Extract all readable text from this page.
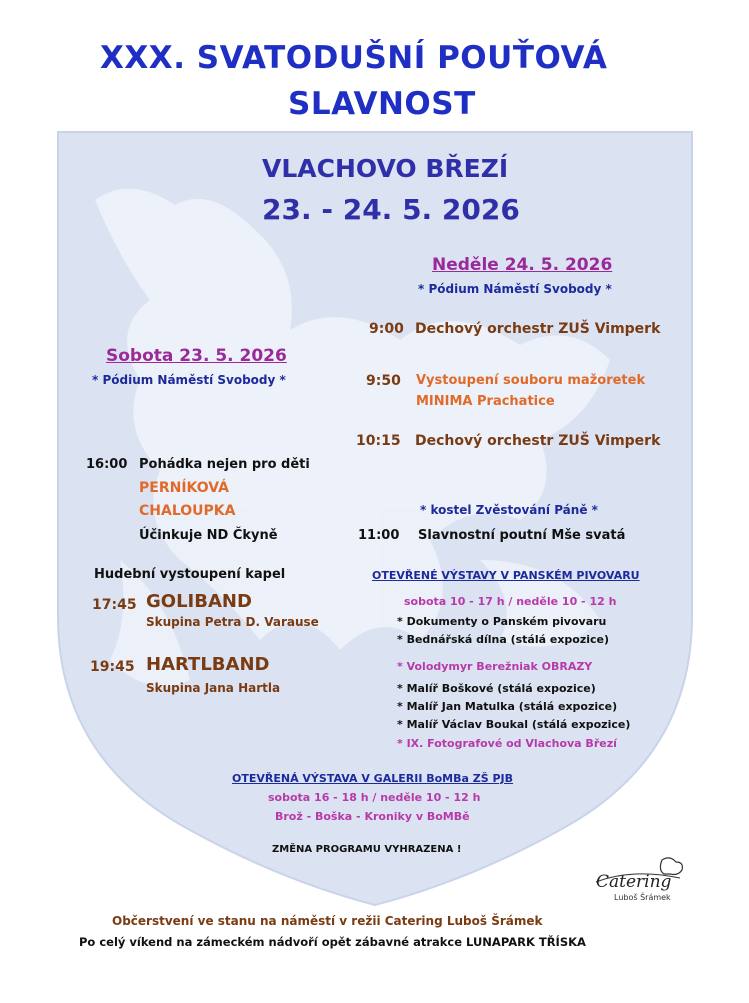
XXX. SVATODUŠNÍ POUŤOVÁ
SLAVNOST
VLACHOVO BŘEZÍ
23. - 24. 5. 2026
Neděle 24. 5. 2026
* Pódium Náměstí Svobody *
9:00 Dechový orchestr ZUŠ Vimperk
9:50 Vystoupení souboru mažoretek
MINIMA Prachatice
10:15 Dechový orchestr ZUŠ Vimperk
* kostel Zvěstování Páně *
11:00 Slavnostní poutní Mše svatá
Sobota 23. 5. 2026
* Pódium Náměstí Svobody *
16:00 Pohádka nejen pro děti
PERNÍKOVÁ
CHALOUPKA
Účinkuje ND Čkyně
Hudební vystoupení kapel
17:45 GOLIBAND
Skupina Petra D. Varause
19:45 HARTLBAND
Skupina Jana Hartla
OTEVŘENÉ VÝSTAVY V PANSKÉM PIVOVARU
sobota 10 - 17 h / neděle 10 - 12 h
* Dokumenty o Panském pivovaru
* Bednářská dílna (stálá expozice)
* Volodymyr Berežniak OBRAZY
* Malíř Boškové (stálá expozice)
* Malíř Jan Matulka (stálá expozice)
* Malíř Václav Boukal (stálá expozice)
* IX. Fotografové od Vlachova Březí
OTEVŘENÁ VÝSTAVA V GALERII BoMBa ZŠ PJB
sobota 16 - 18 h / neděle 10 - 12 h
Brož - Boška - Kroniky v BoMBě
ZMĚNA PROGRAMU VYHRAZENA !
Catering
Luboš Šrámek
Občerstvení ve stanu na náměstí v režii Catering Luboš Šrámek
Po celý víkend na zámeckém nádvoří opět zábavné atrakce LUNAPARK TŘÍSKA
